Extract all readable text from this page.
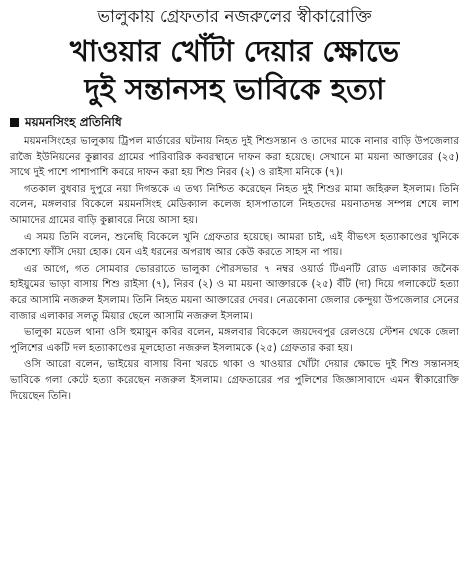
ভালুকায় গ্রেফতার নজরুলের স্বীকারোক্তি
খাওয়ার খোঁটা দেয়ার ক্ষোভে
দুই সন্তানসহ ভাবিকে হত্যা
ময়মনসিংহ প্রতিনিধি

ময়মনসিংহের ভালুকায় ট্রিপল মার্ডারের ঘটনায় নিহত দুই শিশুসন্তান ও তাদের মাকে নানার বাড়ি উপজেলার রাজৈ ইউনিয়নের কুল্লাবর গ্রামের পারিবারিক কবরস্থানে দাফন করা হয়েছে। সেখানে মা ময়না আক্তারের (২৫) সাথে দুই পাশে পাশাপাশি কবরে দাফন করা হয় শিশু নিরব (২) ও রাইসা মনিকে (৭)।

গতকাল বুধবার দুপুরে নয়া দিগন্তকে এ তথ্য নিশ্চিত করেছেন নিহত দুই শিশুর মামা জহিরুল ইসলাম। তিনি বলেন, মঙ্গলবার বিকেলে ময়মনসিংহ মেডিক্যাল কলেজ হাসপাতালে নিহতদের ময়নাতদন্ত সম্পন্ন শেষে লাশ আমাদের গ্রামের বাড়ি কুল্লাবরে নিয়ে আসা হয়।

এ সময় তিনি বলেন, শুনেছি বিকেলে খুনি গ্রেফতার হয়েছে। আমরা চাই, এই বীভৎস হত্যাকাণ্ডের খুনিকে প্রকাশ্যে ফাঁসি দেয়া হোক। যেন এই ধরনের অপরাধ আর কেউ করতে সাহস না পায়।

এর আগে, গত সোমবার ভোররাতে ভালুকা পৌরসভার ৭ নম্বর ওয়ার্ড টিএনটি রোড এলাকার জনৈক হাইয়ুমের ভাড়া বাসায় শিশু রাইসা (৭), নিরব (২) ও মা ময়না আক্তারকে (২৫) বঁটি (দা) দিয়ে গলাকেটে হত্যা করে আসামি নজরুল ইসলাম। তিনি নিহত ময়না আক্তারের দেবর। নেত্রকোনা জেলার কেন্দুয়া উপজেলার সেনের বাজার এলাকার সলতু মিয়ার ছেলে আসামি নজরুল ইসলাম।

ভালুকা মডেল থানা ওসি হুমায়ুন কবির বলেন, মঙ্গলবার বিকেলে জয়দেবপুর রেলওয়ে স্টেশন থেকে জেলা পুলিশের একটি দল হত্যাকাণ্ডের মূলহোতা নজরুল ইসলামকে (২৫) গ্রেফতার করা হয়।

ওসি আরো বলেন, ভাইয়ের বাসায় বিনা খরচে থাকা ও খাওয়ার খোঁটা দেয়ার ক্ষোভে দুই শিশু সন্তানসহ ভাবিকে গলা কেটে হত্যা করেছেন নজরুল ইসলাম। গ্রেফতারের পর পুলিশের জিজ্ঞাসাবাদে এমন স্বীকারোক্তি দিয়েছেন তিনি।
